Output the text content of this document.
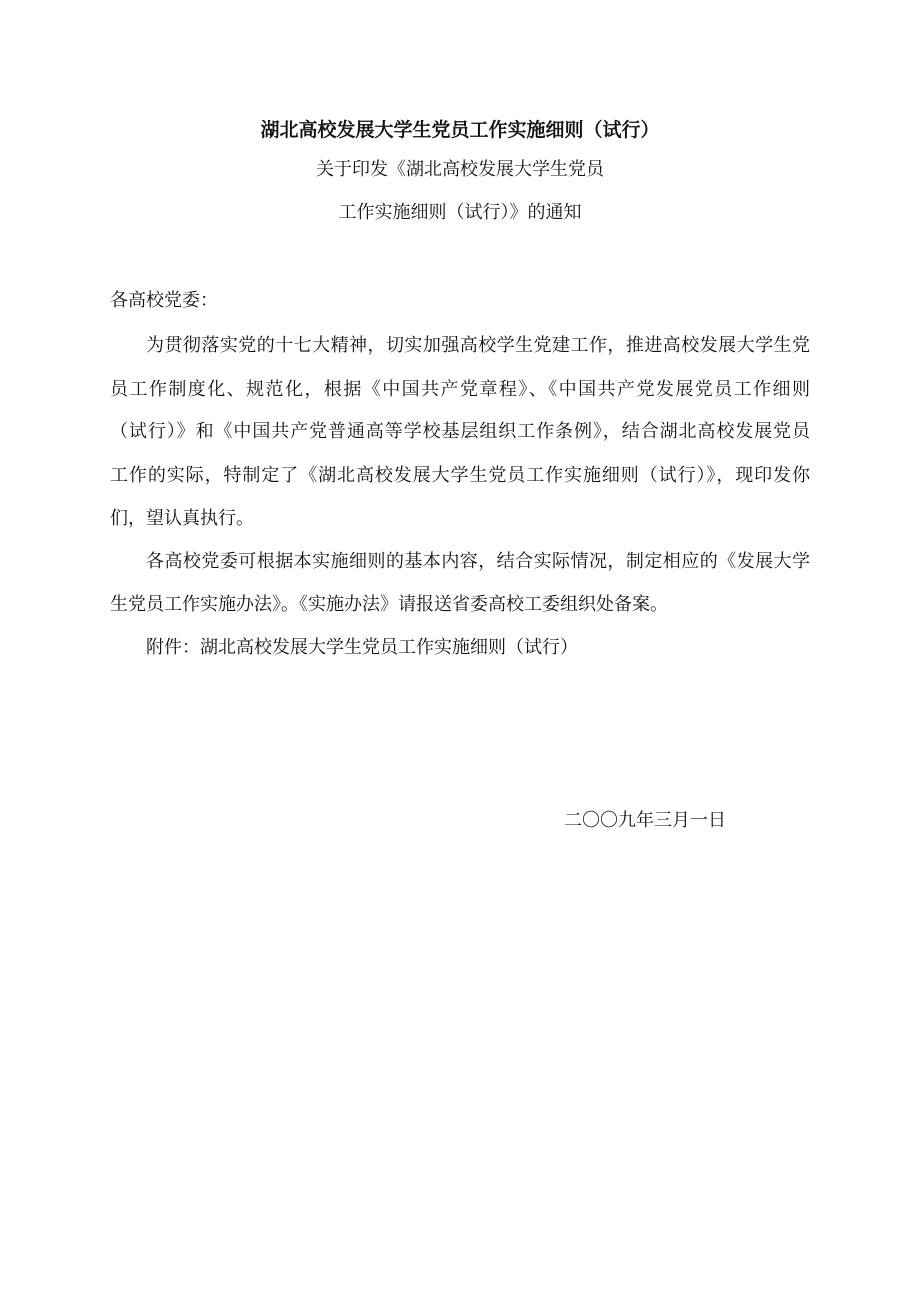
湖北高校发展大学生党员工作实施细则（试行）
关于印发《湖北高校发展大学生党员
工作实施细则（试行）》的通知
各高校党委：
为贯彻落实党的十七大精神，切实加强高校学生党建工作，推进高校发展大学生党
员工作制度化、规范化，根据《中国共产党章程》、《中国共产党发展党员工作细则
（试行）》和《中国共产党普通高等学校基层组织工作条例》，结合湖北高校发展党员
工作的实际，特制定了《湖北高校发展大学生党员工作实施细则（试行）》，现印发你
们，望认真执行。
各高校党委可根据本实施细则的基本内容，结合实际情况，制定相应的《发展大学
生党员工作实施办法》。《实施办法》请报送省委高校工委组织处备案。
附件：湖北高校发展大学生党员工作实施细则（试行）
二〇〇九年三月一日
